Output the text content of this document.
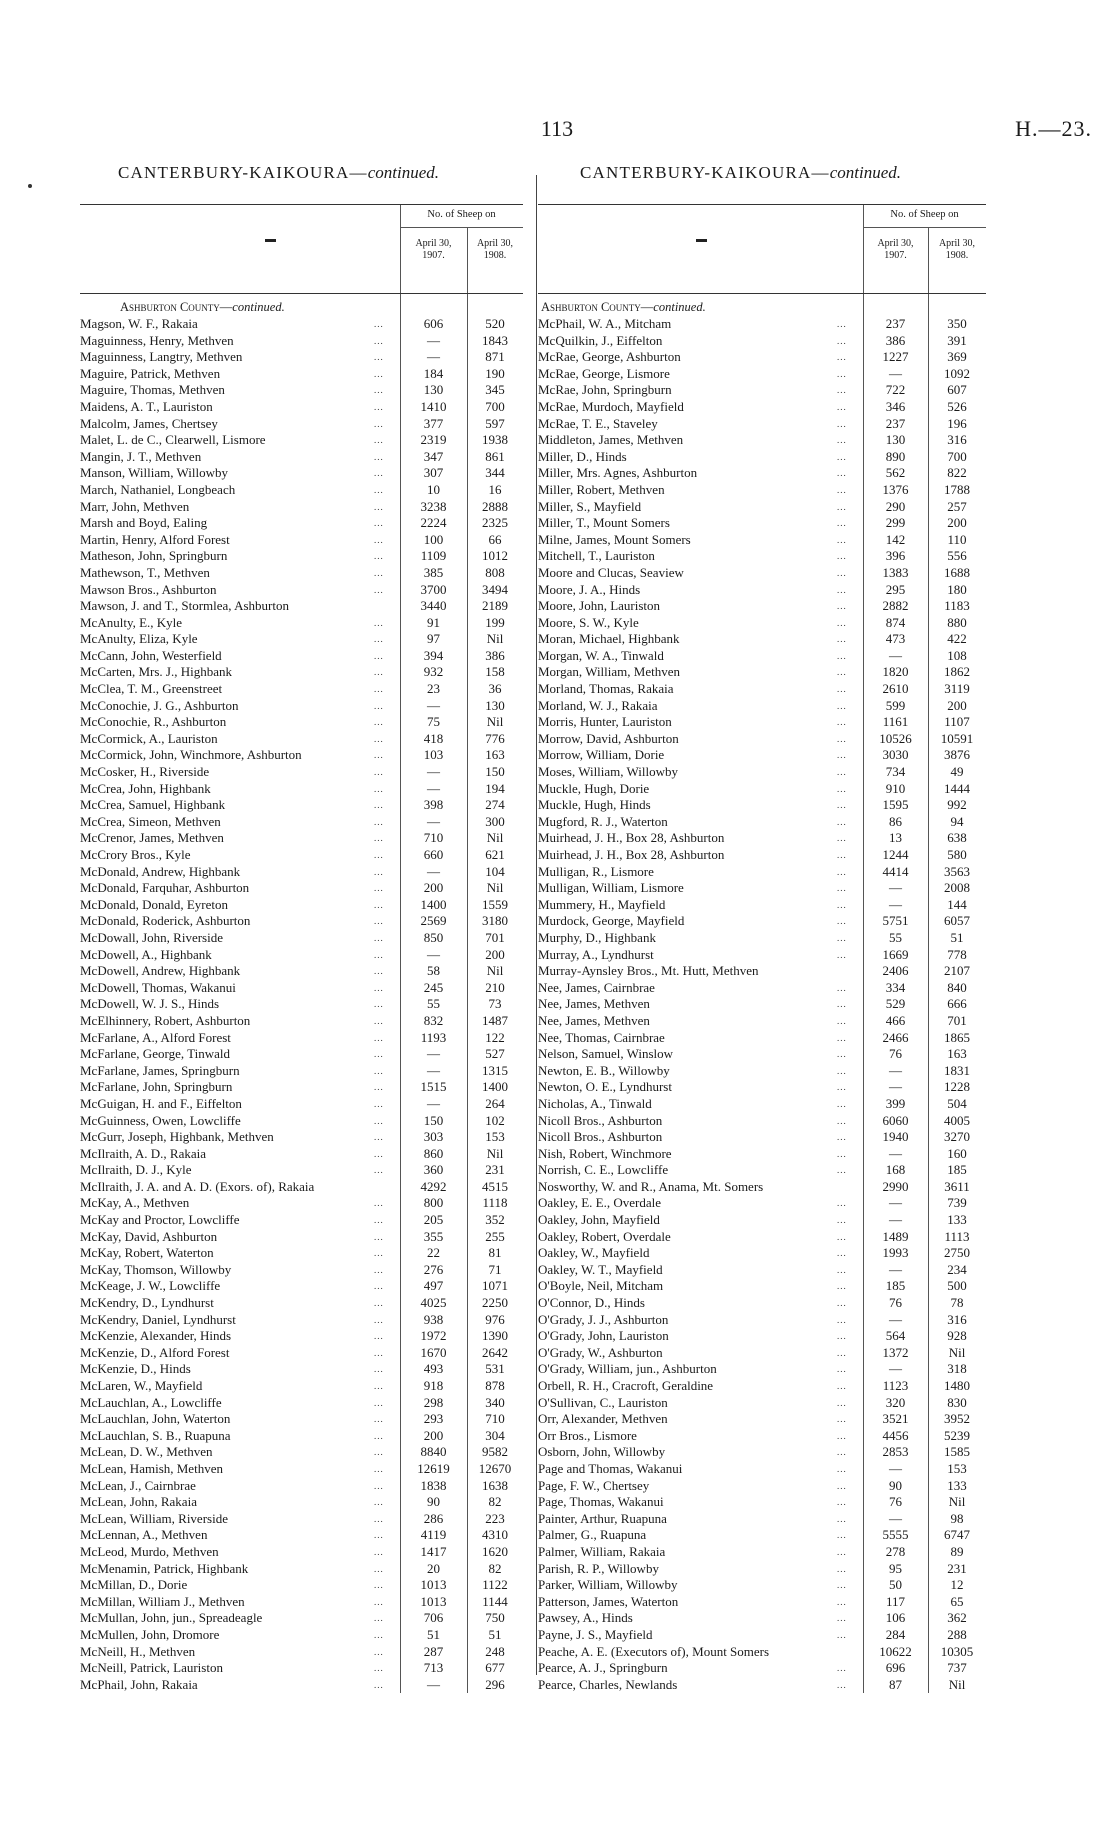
113	H.—23.
CANTERBURY-KAIKOURA—continued.	CANTERBURY-KAIKOURA—continued.
No. of Sheep on
April 30,
1907.
April 30,
1908.
Ashburton County—continued.
Magson, W. F., Rakaia	...	606	520
Maguinness, Henry, Methven	...	—	1843
Maguinness, Langtry, Methven	...	—	871
Maguire, Patrick, Methven	...	184	190
Maguire, Thomas, Methven	...	130	345
Maidens, A. T., Lauriston	...	1410	700
Malcolm, James, Chertsey	...	377	597
Malet, L. de C., Clearwell, Lismore	...	2319	1938
Mangin, J. T., Methven	...	347	861
Manson, William, Willowby	...	307	344
March, Nathaniel, Longbeach	...	10	16
Marr, John, Methven	...	3238	2888
Marsh and Boyd, Ealing	...	2224	2325
Martin, Henry, Alford Forest	...	100	66
Matheson, John, Springburn	...	1109	1012
Mathewson, T., Methven	...	385	808
Mawson Bros., Ashburton	...	3700	3494
Mawson, J. and T., Stormlea, Ashburton	3440	2189
McAnulty, E., Kyle	...	91	199
McAnulty, Eliza, Kyle	...	97	Nil
McCann, John, Westerfield	...	394	386
McCarten, Mrs. J., Highbank	...	932	158
McClea, T. M., Greenstreet	...	23	36
McConochie, J. G., Ashburton	...	—	130
McConochie, R., Ashburton	...	75	Nil
McCormick, A., Lauriston	...	418	776
McCormick, John, Winchmore, Ashburton	...	103	163
McCosker, H., Riverside	...	—	150
McCrea, John, Highbank	...	—	194
McCrea, Samuel, Highbank	...	398	274
McCrea, Simeon, Methven	...	—	300
McCrenor, James, Methven	...	710	Nil
McCrory Bros., Kyle	...	660	621
McDonald, Andrew, Highbank	...	—	104
McDonald, Farquhar, Ashburton	...	200	Nil
McDonald, Donald, Eyreton	...	1400	1559
McDonald, Roderick, Ashburton	...	2569	3180
McDowall, John, Riverside	...	850	701
McDowell, A., Highbank	...	—	200
McDowell, Andrew, Highbank	...	58	Nil
McDowell, Thomas, Wakanui	...	245	210
McDowell, W. J. S., Hinds	...	55	73
McElhinnery, Robert, Ashburton	...	832	1487
McFarlane, A., Alford Forest	...	1193	122
McFarlane, George, Tinwald	...	—	527
McFarlane, James, Springburn	...	—	1315
McFarlane, John, Springburn	...	1515	1400
McGuigan, H. and F., Eiffelton	...	—	264
McGuinness, Owen, Lowcliffe	...	150	102
McGurr, Joseph, Highbank, Methven	...	303	153
McIlraith, A. D., Rakaia	...	860	Nil
McIlraith, D. J., Kyle	...	360	231
McIlraith, J. A. and A. D. (Exors. of), Rakaia	4292	4515
McKay, A., Methven	...	800	1118
McKay and Proctor, Lowcliffe	...	205	352
McKay, David, Ashburton	...	355	255
McKay, Robert, Waterton	...	22	81
McKay, Thomson, Willowby	...	276	71
McKeage, J. W., Lowcliffe	...	497	1071
McKendry, D., Lyndhurst	...	4025	2250
McKendry, Daniel, Lyndhurst	...	938	976
McKenzie, Alexander, Hinds	...	1972	1390
McKenzie, D., Alford Forest	...	1670	2642
McKenzie, D., Hinds	...	493	531
McLaren, W., Mayfield	...	918	878
McLauchlan, A., Lowcliffe	...	298	340
McLauchlan, John, Waterton	...	293	710
McLauchlan, S. B., Ruapuna	...	200	304
McLean, D. W., Methven	...	8840	9582
McLean, Hamish, Methven	...	12619	12670
McLean, J., Cairnbrae	...	1838	1638
McLean, John, Rakaia	...	90	82
McLean, William, Riverside	...	286	223
McLennan, A., Methven	...	4119	4310
McLeod, Murdo, Methven	...	1417	1620
McMenamin, Patrick, Highbank	...	20	82
McMillan, D., Dorie	...	1013	1122
McMillan, William J., Methven	...	1013	1144
McMullan, John, jun., Spreadeagle	...	706	750
McMullen, John, Dromore	...	51	51
McNeill, H., Methven	...	287	248
McNeill, Patrick, Lauriston	...	713	677
McPhail, John, Rakaia	...	—	296
No. of Sheep on
April 30,
1907.
April 30,
1908.
Ashburton County—continued.
McPhail, W. A., Mitcham	...	237	350
McQuilkin, J., Eiffelton	...	386	391
McRae, George, Ashburton	...	1227	369
McRae, George, Lismore	...	—	1092
McRae, John, Springburn	...	722	607
McRae, Murdoch, Mayfield	...	346	526
McRae, T. E., Staveley	...	237	196
Middleton, James, Methven	...	130	316
Miller, D., Hinds	...	890	700
Miller, Mrs. Agnes, Ashburton	...	562	822
Miller, Robert, Methven	...	1376	1788
Miller, S., Mayfield	...	290	257
Miller, T., Mount Somers	...	299	200
Milne, James, Mount Somers	...	142	110
Mitchell, T., Lauriston	...	396	556
Moore and Clucas, Seaview	...	1383	1688
Moore, J. A., Hinds	...	295	180
Moore, John, Lauriston	...	2882	1183
Moore, S. W., Kyle	...	874	880
Moran, Michael, Highbank	...	473	422
Morgan, W. A., Tinwald	...	—	108
Morgan, William, Methven	...	1820	1862
Morland, Thomas, Rakaia	...	2610	3119
Morland, W. J., Rakaia	...	599	200
Morris, Hunter, Lauriston	...	1161	1107
Morrow, David, Ashburton	...	10526	10591
Morrow, William, Dorie	...	3030	3876
Moses, William, Willowby	...	734	49
Muckle, Hugh, Dorie	...	910	1444
Muckle, Hugh, Hinds	...	1595	992
Mugford, R. J., Waterton	...	86	94
Muirhead, J. H., Box 28, Ashburton	...	13	638
Muirhead, J. H., Box 28, Ashburton	...	1244	580
Mulligan, R., Lismore	...	4414	3563
Mulligan, William, Lismore	...	—	2008
Mummery, H., Mayfield	...	—	144
Murdock, George, Mayfield	...	5751	6057
Murphy, D., Highbank	...	55	51
Murray, A., Lyndhurst	...	1669	778
Murray-Aynsley Bros., Mt. Hutt, Methven	2406	2107
Nee, James, Cairnbrae	...	334	840
Nee, James, Methven	...	529	666
Nee, James, Methven	...	466	701
Nee, Thomas, Cairnbrae	...	2466	1865
Nelson, Samuel, Winslow	...	76	163
Newton, E. B., Willowby	...	—	1831
Newton, O. E., Lyndhurst	...	—	1228
Nicholas, A., Tinwald	...	399	504
Nicoll Bros., Ashburton	...	6060	4005
Nicoll Bros., Ashburton	...	1940	3270
Nish, Robert, Winchmore	...	—	160
Norrish, C. E., Lowcliffe	...	168	185
Nosworthy, W. and R., Anama, Mt. Somers	2990	3611
Oakley, E. E., Overdale	...	—	739
Oakley, John, Mayfield	...	—	133
Oakley, Robert, Overdale	...	1489	1113
Oakley, W., Mayfield	...	1993	2750
Oakley, W. T., Mayfield	...	—	234
O'Boyle, Neil, Mitcham	...	185	500
O'Connor, D., Hinds	...	76	78
O'Grady, J. J., Ashburton	...	—	316
O'Grady, John, Lauriston	...	564	928
O'Grady, W., Ashburton	...	1372	Nil
O'Grady, William, jun., Ashburton	...	—	318
Orbell, R. H., Cracroft, Geraldine	...	1123	1480
O'Sullivan, C., Lauriston	...	320	830
Orr, Alexander, Methven	...	3521	3952
Orr Bros., Lismore	...	4456	5239
Osborn, John, Willowby	...	2853	1585
Page and Thomas, Wakanui	...	—	153
Page, F. W., Chertsey	...	90	133
Page, Thomas, Wakanui	...	76	Nil
Painter, Arthur, Ruapuna	...	—	98
Palmer, G., Ruapuna	...	5555	6747
Palmer, William, Rakaia	...	278	89
Parish, R. P., Willowby	...	95	231
Parker, William, Willowby	...	50	12
Patterson, James, Waterton	...	117	65
Pawsey, A., Hinds	...	106	362
Payne, J. S., Mayfield	...	284	288
Peache, A. E. (Executors of), Mount Somers	10622	10305
Pearce, A. J., Springburn	...	696	737
Pearce, Charles, Newlands	...	87	Nil
